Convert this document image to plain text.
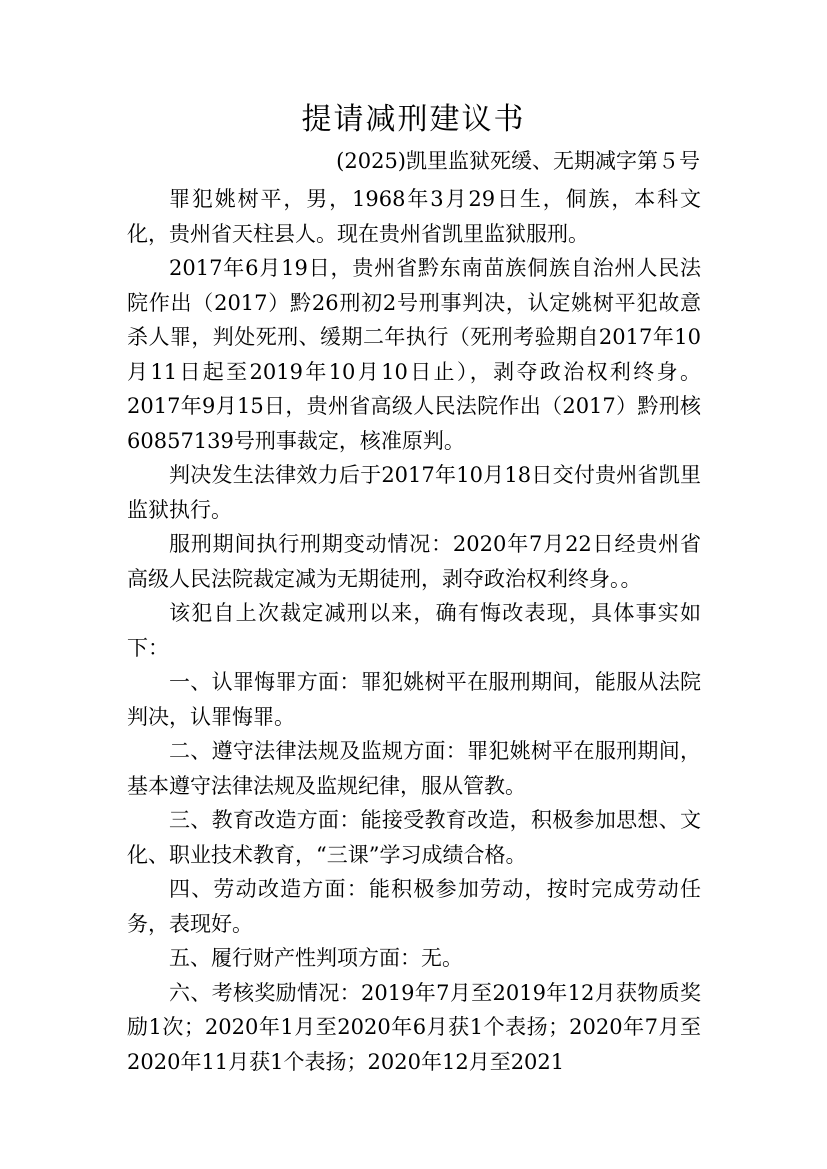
提请减刑建议书
(2025)凯里监狱死缓、无期减字第５号

罪犯姚树平，男，1968年3月29日生，侗族，本科文化，贵州省天柱县人。现在贵州省凯里监狱服刑。

2017年6月19日，贵州省黔东南苗族侗族自治州人民法院作出（2017）黔26刑初2号刑事判决，认定姚树平犯故意杀人罪，判处死刑、缓期二年执行（死刑考验期自2017年10月11日起至2019年10月10日止），剥夺政治权利终身。2017年9月15日，贵州省高级人民法院作出（2017）黔刑核60857139号刑事裁定，核准原判。

判决发生法律效力后于2017年10月18日交付贵州省凯里监狱执行。

服刑期间执行刑期变动情况：2020年7月22日经贵州省高级人民法院裁定减为无期徒刑，剥夺政治权利终身。。

该犯自上次裁定减刑以来，确有悔改表现，具体事实如下：

一、认罪悔罪方面：罪犯姚树平在服刑期间，能服从法院判决，认罪悔罪。

二、遵守法律法规及监规方面：罪犯姚树平在服刑期间，基本遵守法律法规及监规纪律，服从管教。

三、教育改造方面：能接受教育改造，积极参加思想、文化、职业技术教育，“三课”学习成绩合格。

四、劳动改造方面：能积极参加劳动，按时完成劳动任务，表现好。

五、履行财产性判项方面：无。

六、考核奖励情况：2019年7月至2019年12月获物质奖励1次；2020年1月至2020年6月获1个表扬；2020年7月至2020年11月获1个表扬；2020年12月至2021
